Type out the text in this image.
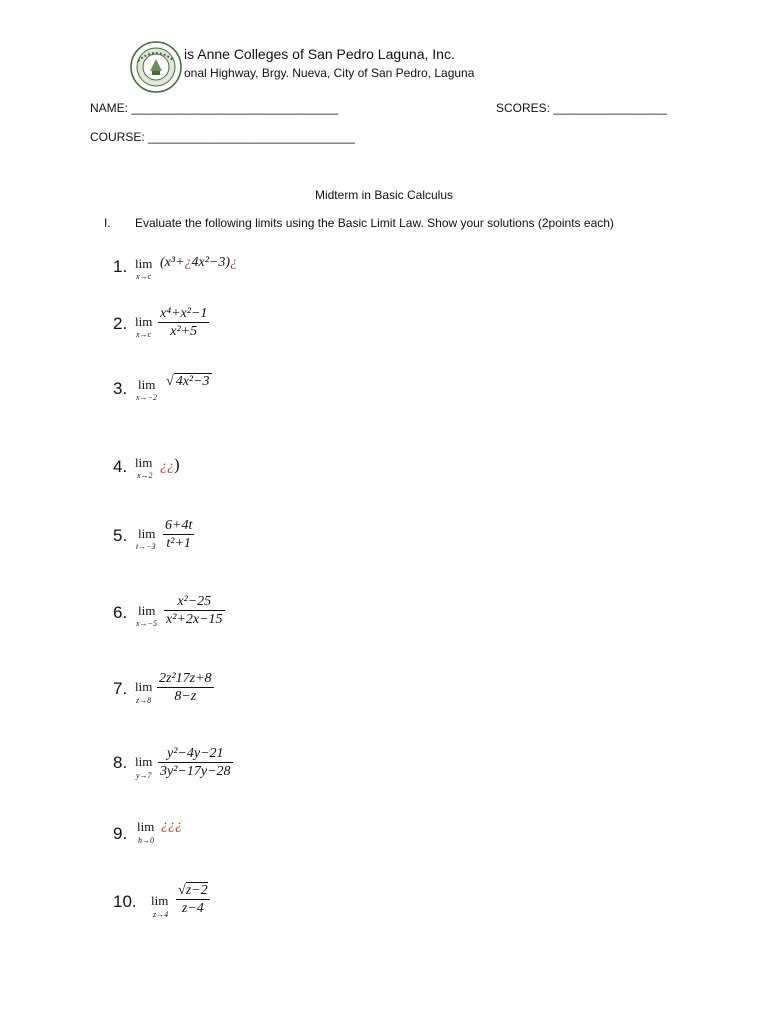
is Anne Colleges of San Pedro Laguna, Inc.
onal Highway, Brgy. Nueva, City of San Pedro, Laguna
NAME: _______________________________	SCORES: _________________
COURSE: _______________________________
Midterm in Basic Calculus
I. Evaluate the following limits using the Basic Limit Law. Show your solutions (2points each)
1. lim
x→c
(x³+¿4x²−3)¿
2. lim
$x\to c \frac{\text{x⁴+x²−1}}{\text{x²+5}}$
3. lim
x→−2
√ 4x²−3
4. lim
x→2
¿¿)
5. lim
$t\to-3 \frac{6+4t}{\text{t²+1}}$
6. lim
$x\to-5 \frac{\text{x²−25}}{\text{x²+2x−15}}$
7. lim
$z\to 8 \frac{\text{2z²17z+8}}{8-z}$
8. lim
$y\to 7 \frac{\text{y²−4y−21}}{\text{3y²−17y−28}}$
9. lim
h→0
¿¿¿
10. lim
$z\to 4 \frac{√z-2}{z-4}$
